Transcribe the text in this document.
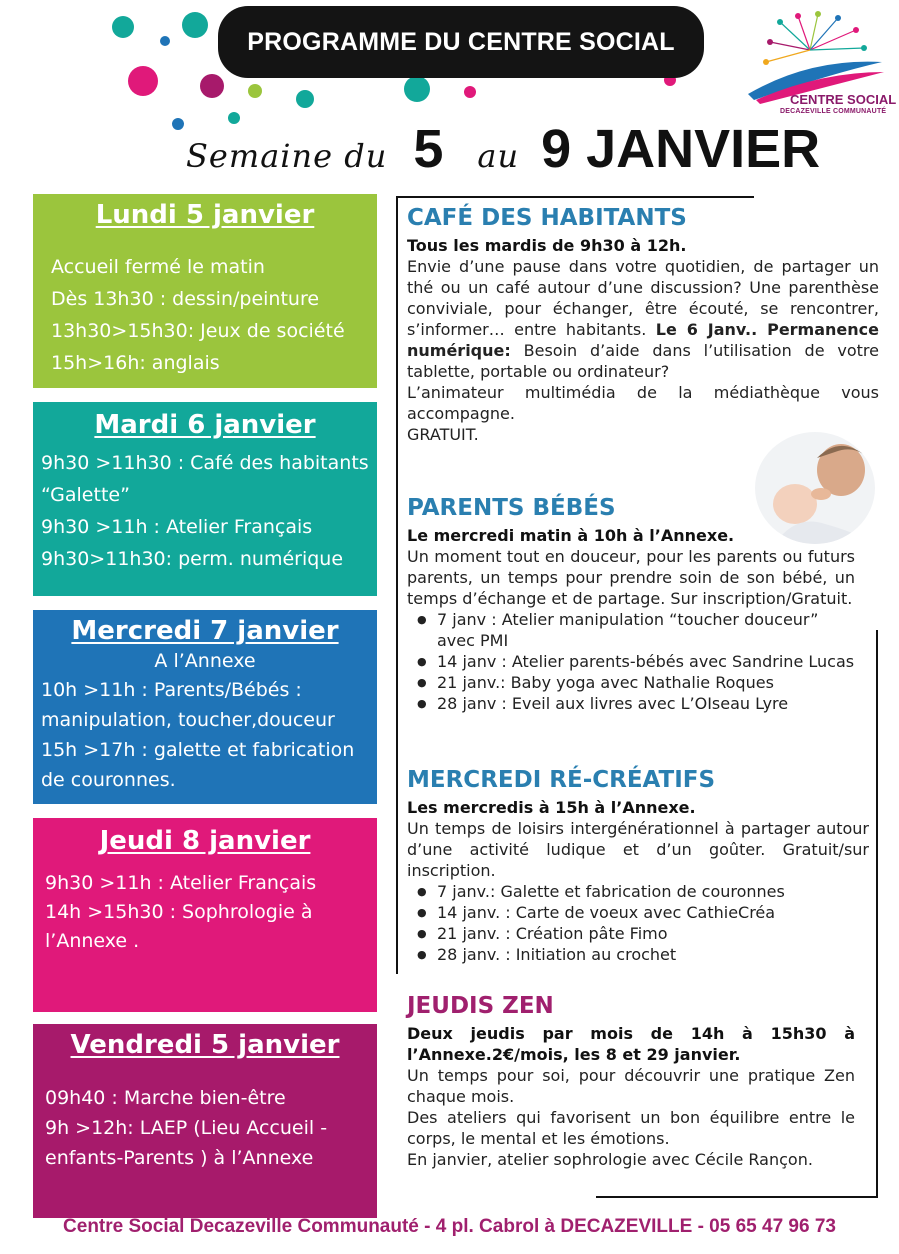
PROGRAMME DU CENTRE SOCIAL
CENTRE SOCIAL
DECAZEVILLE COMMUNAUTÉ
Semaine du 5 au 9 JANVIER
Lundi 5 janvier
Accueil fermé le matin
Dès 13h30 : dessin/peinture
13h30>15h30: Jeux de société
15h>16h: anglais
Mardi 6 janvier
9h30 >11h30 : Café des habitants
“Galette”
9h30 >11h : Atelier Français
9h30>11h30: perm. numérique
Mercredi 7 janvier
A l’Annexe
10h >11h : Parents/Bébés :
manipulation, toucher,douceur
15h >17h : galette et fabrication
de couronnes.
Jeudi 8 janvier
9h30 >11h : Atelier Français
14h >15h30 : Sophrologie à
l’Annexe .
Vendredi 5 janvier
09h40 : Marche bien-être
9h >12h: LAEP (Lieu Accueil -
enfants-Parents ) à l’Annexe
CAFÉ DES HABITANTS
Tous les mardis de 9h30 à 12h.
Envie d’une pause dans votre quotidien, de partager un thé ou un café autour d’une discussion? Une parenthèse conviviale, pour échanger, être écouté, se rencontrer, s’informer… entre habitants. Le 6 Janv.. Permanence numérique: Besoin d’aide dans l’utilisation de votre tablette, portable ou ordinateur?
L’animateur multimédia de la médiathèque vous accompagne.
GRATUIT.
PARENTS BÉBÉS
Le mercredi matin à 10h à l’Annexe.
Un moment tout en douceur, pour les parents ou futurs parents, un temps pour prendre soin de son bébé, un temps d’échange et de partage. Sur inscription/Gratuit.
● 7 janv : Atelier manipulation “toucher douceur” avec PMI
● 14 janv : Atelier parents-bébés avec Sandrine Lucas
● 21 janv.: Baby yoga avec Nathalie Roques
● 28 janv : Eveil aux livres avec L’OIseau Lyre
MERCREDI RÉ-CRÉATIFS
Les mercredis à 15h à l’Annexe.
Un temps de loisirs intergénérationnel à partager autour d’une activité ludique et d’un goûter. Gratuit/sur inscription.
● 7 janv.: Galette et fabrication de couronnes
● 14 janv. : Carte de voeux avec CathieCréa
● 21 janv. : Création pâte Fimo
● 28 janv. : Initiation au crochet
JEUDIS ZEN
Deux jeudis par mois de 14h à 15h30 à l’Annexe.2€/mois, les 8 et 29 janvier.
Un temps pour soi, pour découvrir une pratique Zen chaque mois.
Des ateliers qui favorisent un bon équilibre entre le corps, le mental et les émotions.
En janvier, atelier sophrologie avec Cécile Rançon.
Centre Social Decazeville Communauté - 4 pl. Cabrol à DECAZEVILLE - 05 65 47 96 73
